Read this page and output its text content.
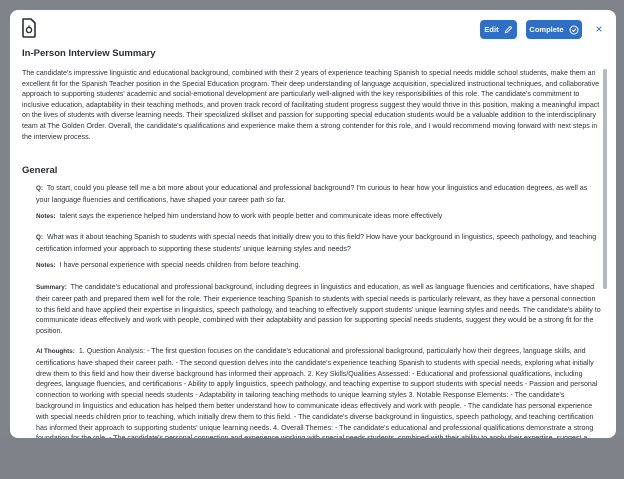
Edit	Complete	×
In-Person Interview Summary
The candidate's impressive linguistic and educational background, combined with their 2 years of experience teaching Spanish to special needs middle school students, make them an excellent fit for the Spanish Teacher position in the Special Education program. Their deep understanding of language acquisition, specialized instructional techniques, and collaborative approach to supporting students' academic and social-emotional development are particularly well-aligned with the key responsibilities of this role. The candidate's commitment to inclusive education, adaptability in their teaching methods, and proven track record of facilitating student progress suggest they would thrive in this position, making a meaningful impact on the lives of students with diverse learning needs. Their specialized skillset and passion for supporting special education students would be a valuable addition to the interdisciplinary team at The Golden Order. Overall, the candidate's qualifications and experience make them a strong contender for this role, and I would recommend moving forward with next steps in the interview process.
General
Q: To start, could you please tell me a bit more about your educational and professional background? I'm curious to hear how your linguistics and education degrees, as well as your language fluencies and certifications, have shaped your career path so far.
Notes: talent says the experience helped him understand how to work with people better and communicate ideas more effectively
Q: What was it about teaching Spanish to students with special needs that initially drew you to this field? How have your background in linguistics, speech pathology, and teaching certification informed your approach to supporting these students' unique learning styles and needs?
Notes: I have personal experience with special needs children from before teaching.
Summary: The candidate's educational and professional background, including degrees in linguistics and education, as well as language fluencies and certifications, have shaped their career path and prepared them well for the role. Their experience teaching Spanish to students with special needs is particularly relevant, as they have a personal connection to this field and have applied their expertise in linguistics, speech pathology, and teaching to effectively support students' unique learning styles and needs. The candidate's ability to communicate ideas effectively and work with people, combined with their adaptability and passion for supporting special needs students, suggest they would be a strong fit for the position.
AI Thoughts: 1. Question Analysis: - The first question focuses on the candidate's educational and professional background, particularly how their degrees, language skills, and certifications have shaped their career path. - The second question delves into the candidate's experience teaching Spanish to students with special needs, exploring what initially drew them to this field and how their diverse background has informed their approach. 2. Key Skills/Qualities Assessed: - Educational and professional qualifications, including degrees, language fluencies, and certifications - Ability to apply linguistics, speech pathology, and teaching expertise to support students with special needs - Passion and personal connection to working with special needs students - Adaptability in tailoring teaching methods to unique learning styles 3. Notable Response Elements: - The candidate's background in linguistics and education has helped them better understand how to communicate ideas effectively and work with people. - The candidate has personal experience with special needs children prior to teaching, which initially drew them to this field. - The candidate's diverse background in linguistics, speech pathology, and teaching certification has informed their approach to supporting students' unique learning needs. 4. Overall Themes: - The candidate's educational and professional qualifications demonstrate a strong
